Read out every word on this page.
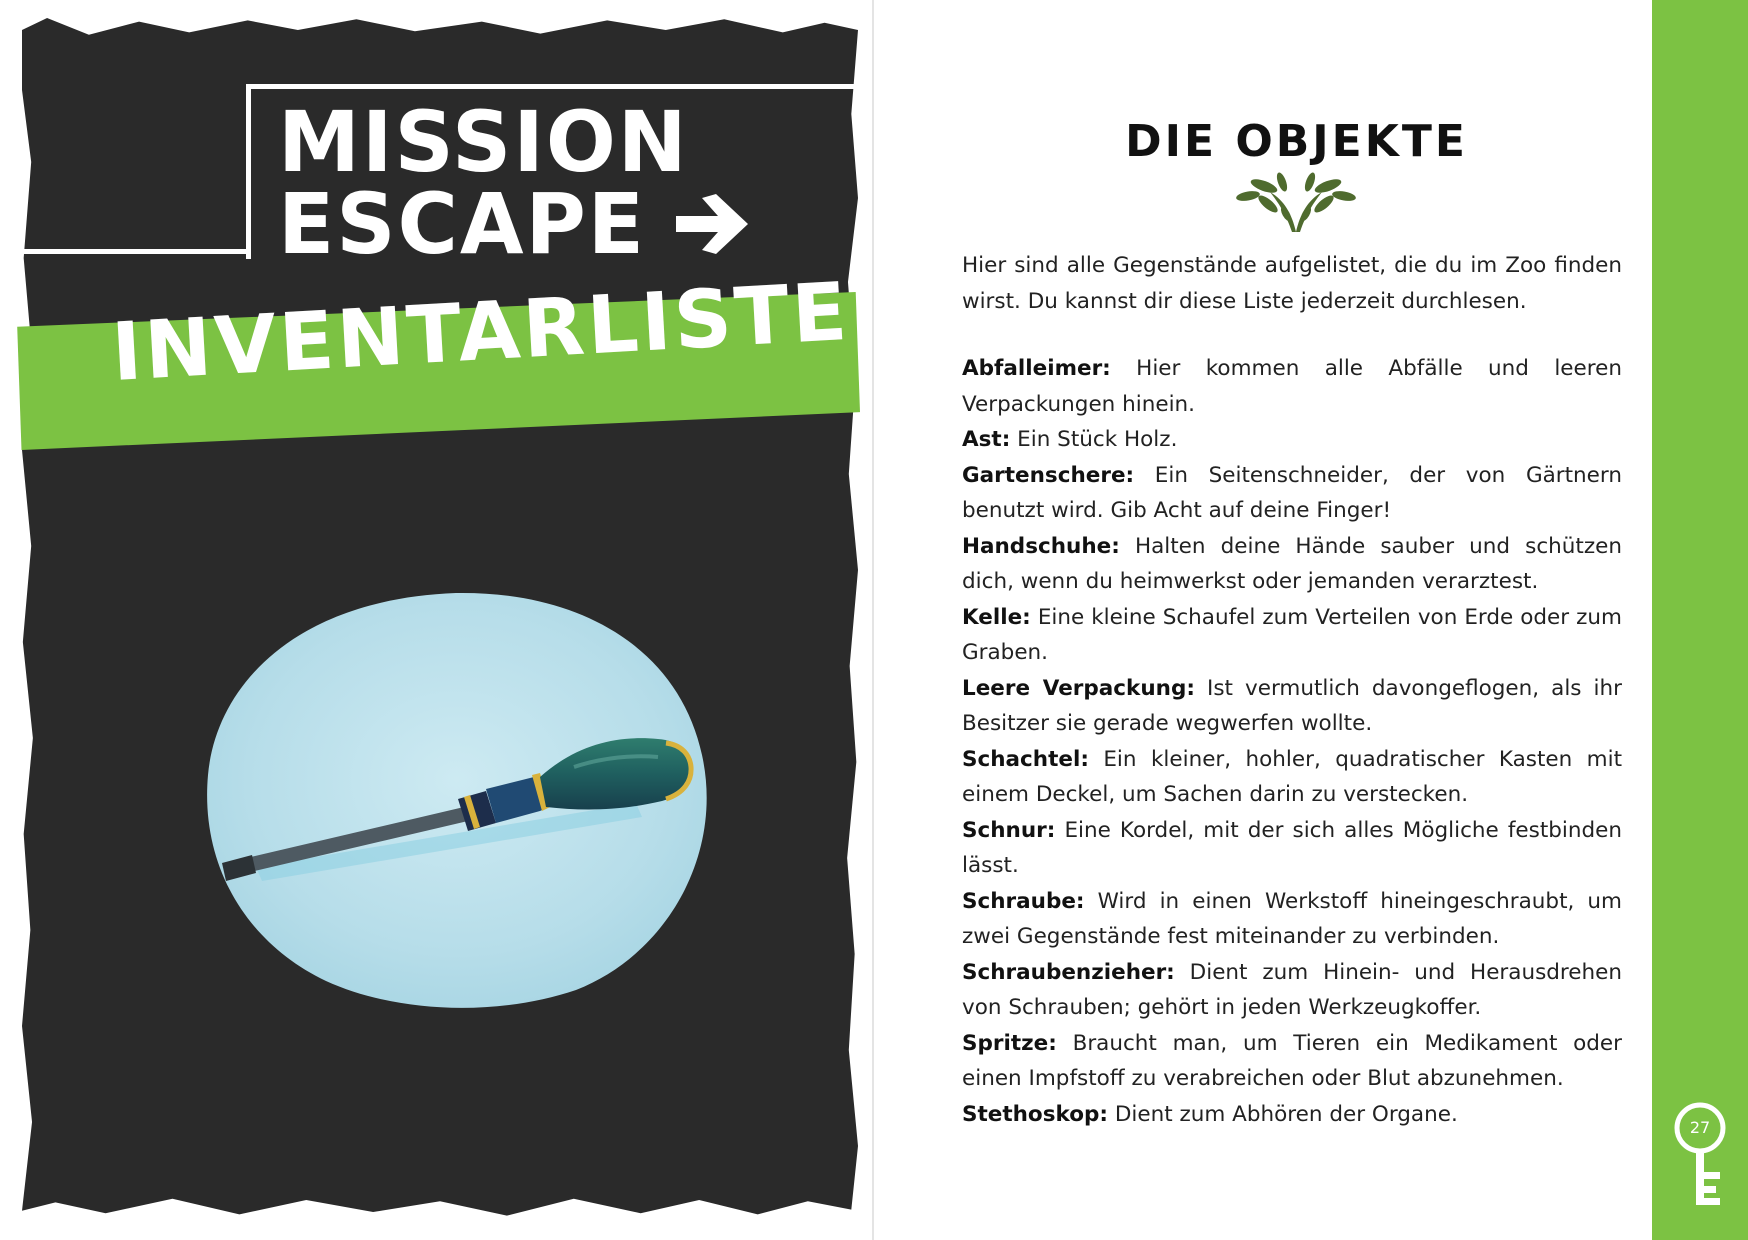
MISSION
ESCAPE
INVENTARLISTE
DIE OBJEKTE

Hier sind alle Gegenstände aufgelistet, die du im Zoo finden wirst. Du kannst dir diese Liste jederzeit durchlesen.

Abfalleimer: Hier kommen alle Abfälle und leeren Verpackungen hinein.
Ast: Ein Stück Holz.
Gartenschere: Ein Seitenschneider, der von Gärtnern benutzt wird. Gib Acht auf deine Finger!
Handschuhe: Halten deine Hände sauber und schützen dich, wenn du heimwerkst oder jemanden verarztest.
Kelle: Eine kleine Schaufel zum Verteilen von Erde oder zum Graben.
Leere Verpackung: Ist vermutlich davongeflogen, als ihr Besitzer sie gerade wegwerfen wollte.
Schachtel: Ein kleiner, hohler, quadratischer Kasten mit einem Deckel, um Sachen darin zu verstecken.
Schnur: Eine Kordel, mit der sich alles Mögliche festbinden lässt.
Schraube: Wird in einen Werkstoff hineingeschraubt, um zwei Gegenstände fest miteinander zu verbinden.
Schraubenzieher: Dient zum Hinein- und Herausdrehen von Schrauben; gehört in jeden Werkzeugkoffer.
Spritze: Braucht man, um Tieren ein Medikament oder einen Impfstoff zu verabreichen oder Blut abzunehmen.
Stethoskop: Dient zum Abhören der Organe.
27
